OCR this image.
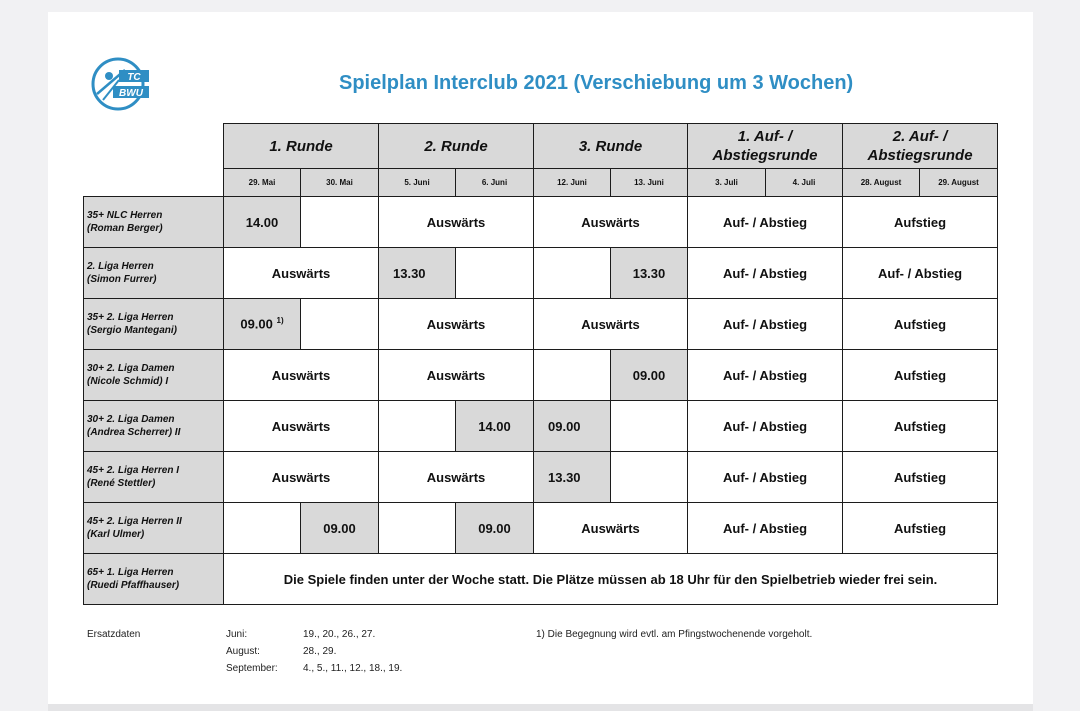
TC
BWU	Spielplan Interclub 2021 (Verschiebung um 3 Wochen)
	1. Runde		2. Runde		3. Runde		1. Auf- /
Abstiegsrunde		2. Auf- /
Abstiegsrunde	
	29. Mai	30. Mai	5. Juni	6. Juni	12. Juni	13. Juni	3. Juli	4. Juli	28. August	29. August
35+ NLC Herren
(Roman Berger)	14.00		Auswärts		Auswärts		Auf- / Abstieg		Aufstieg	
2. Liga Herren
(Simon Furrer)	Auswärts		13.30			13.30	Auf- / Abstieg		Auf- / Abstieg	
35+ 2. Liga Herren
(Sergio Mantegani)	09.00 $^{1)}$		Auswärts		Auswärts		Auf- / Abstieg		Aufstieg	
30+ 2. Liga Damen
(Nicole Schmid) I	Auswärts		Auswärts			09.00	Auf- / Abstieg		Aufstieg	
30+ 2. Liga Damen
(Andrea Scherrer) II	Auswärts			14.00	09.00		Auf- / Abstieg		Aufstieg	
45+ 2. Liga Herren I
(René Stettler)	Auswärts		Auswärts		13.30		Auf- / Abstieg		Aufstieg	
45+ 2. Liga Herren II
(Karl Ulmer)		09.00		09.00	Auswärts		Auf- / Abstieg		Aufstieg	
65+ 1. Liga Herren
(Ruedi Pfaffhauser)	Die Spiele finden unter der Woche statt. Die Plätze müssen ab 18 Uhr für den Spielbetrieb wieder frei sein.									
Ersatzdaten	Juni:	19., 20., 26., 27.
August:	28., 29.
September:	4., 5., 11., 12., 18., 19.
1) Die Begegnung wird evtl. am Pfingstwochenende vorgeholt.
